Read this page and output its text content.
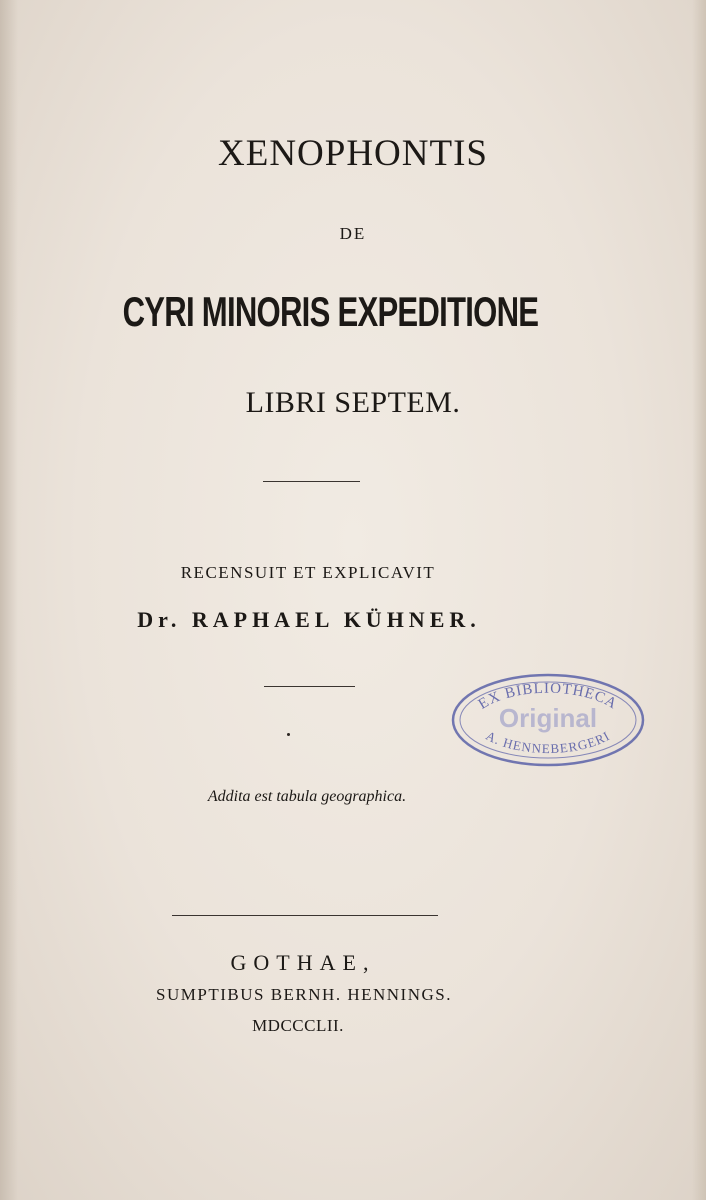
XENOPHONTIS
DE
CYRI MINORIS EXPEDITIONE
LIBRI SEPTEM.
RECENSUIT ET EXPLICAVIT
Dr. RAPHAEL KÜHNER.
Addita est tabula geographica.
GOTHAE,
SUMPTIBUS BERNH. HENNINGS.
MDCCCLII.
EX BIBLIOTHECA
Original
A. HENNEBERGERI
